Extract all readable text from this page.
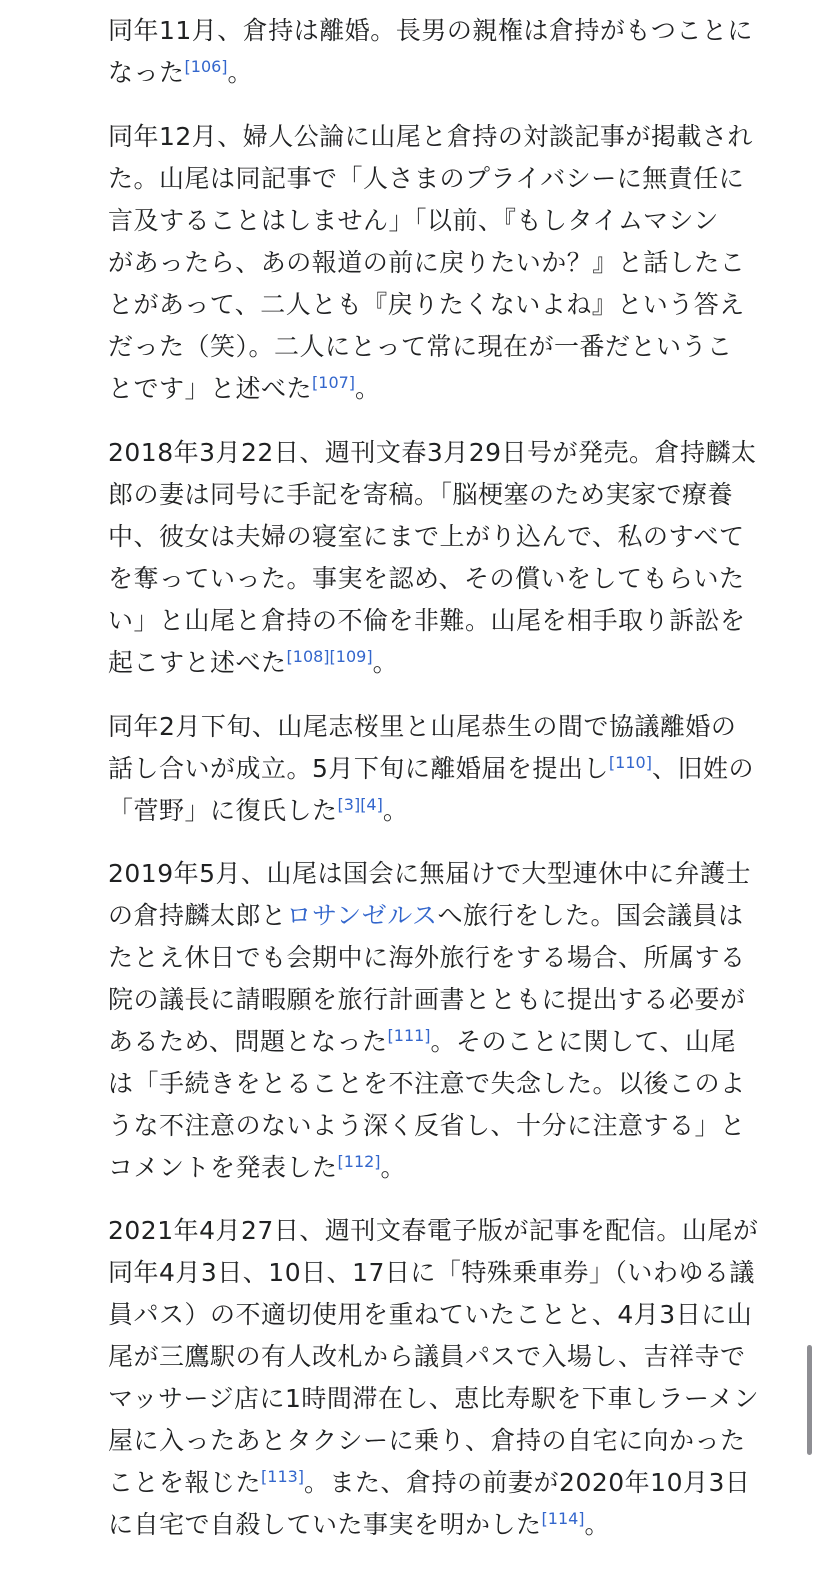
同年11月、倉持は離婚。長男の親権は倉持がもつことに
なった[106]。

同年12月、婦人公論に山尾と倉持の対談記事が掲載され
た。山尾は同記事で「人さまのプライバシーに無責任に
言及することはしません」「以前、『もしタイムマシン
があったら、あの報道の前に戻りたいか？』と話したこ
とがあって、二人とも『戻りたくないよね』という答え
だった（笑）。二人にとって常に現在が一番だというこ
とです」と述べた[107]。

2018年3月22日、週刊文春3月29日号が発売。倉持麟太
郎の妻は同号に手記を寄稿。「脳梗塞のため実家で療養
中、彼女は夫婦の寝室にまで上がり込んで、私のすべて
を奪っていった。事実を認め、その償いをしてもらいた
い」と山尾と倉持の不倫を非難。山尾を相手取り訴訟を
起こすと述べた[108][109]。

同年2月下旬、山尾志桜里と山尾恭生の間で協議離婚の
話し合いが成立。5月下旬に離婚届を提出し[110]、旧姓の
「菅野」に復氏した[3][4]。

2019年5月、山尾は国会に無届けで大型連休中に弁護士
の倉持麟太郎とロサンゼルスへ旅行をした。国会議員は
たとえ休日でも会期中に海外旅行をする場合、所属する
院の議長に請暇願を旅行計画書とともに提出する必要が
あるため、問題となった[111]。そのことに関して、山尾
は「手続きをとることを不注意で失念した。以後このよ
うな不注意のないよう深く反省し、十分に注意する」と
コメントを発表した[112]。

2021年4月27日、週刊文春電子版が記事を配信。山尾が
同年4月3日、10日、17日に「特殊乗車券」（いわゆる議
員パス）の不適切使用を重ねていたことと、4月3日に山
尾が三鷹駅の有人改札から議員パスで入場し、吉祥寺で
マッサージ店に1時間滞在し、恵比寿駅を下車しラーメン
屋に入ったあとタクシーに乗り、倉持の自宅に向かった
ことを報じた[113]。また、倉持の前妻が2020年10月3日
に自宅で自殺していた事実を明かした[114]。
